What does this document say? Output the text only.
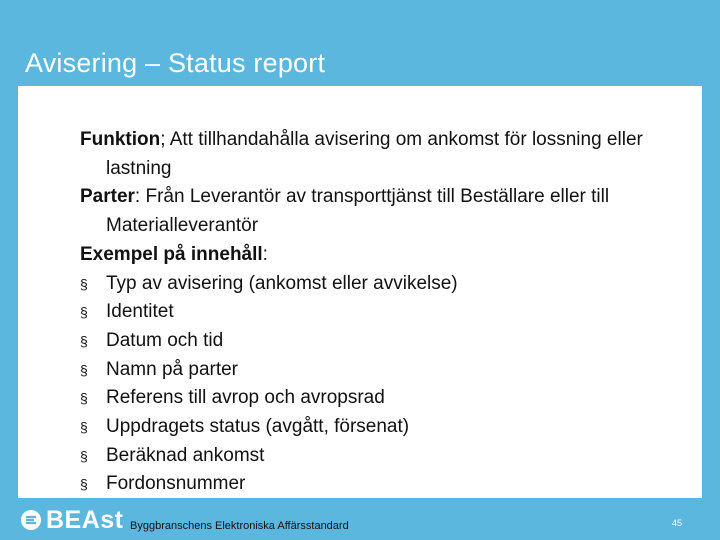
Avisering – Status report

Funktion; Att tillhandahålla avisering om ankomst för lossning eller lastning

Parter: Från Leverantör av transporttjänst till Beställare eller till Materialleverantör

Exempel på innehåll:

§ Typ av avisering (ankomst eller avvikelse)
§ Identitet
§ Datum och tid
§ Namn på parter
§ Referens till avrop och avropsrad
§ Uppdragets status (avgått, försenat)
§ Beräknad ankomst
§ Fordonsnummer
BEAst Byggbranschens Elektroniska Affärsstandard	45
